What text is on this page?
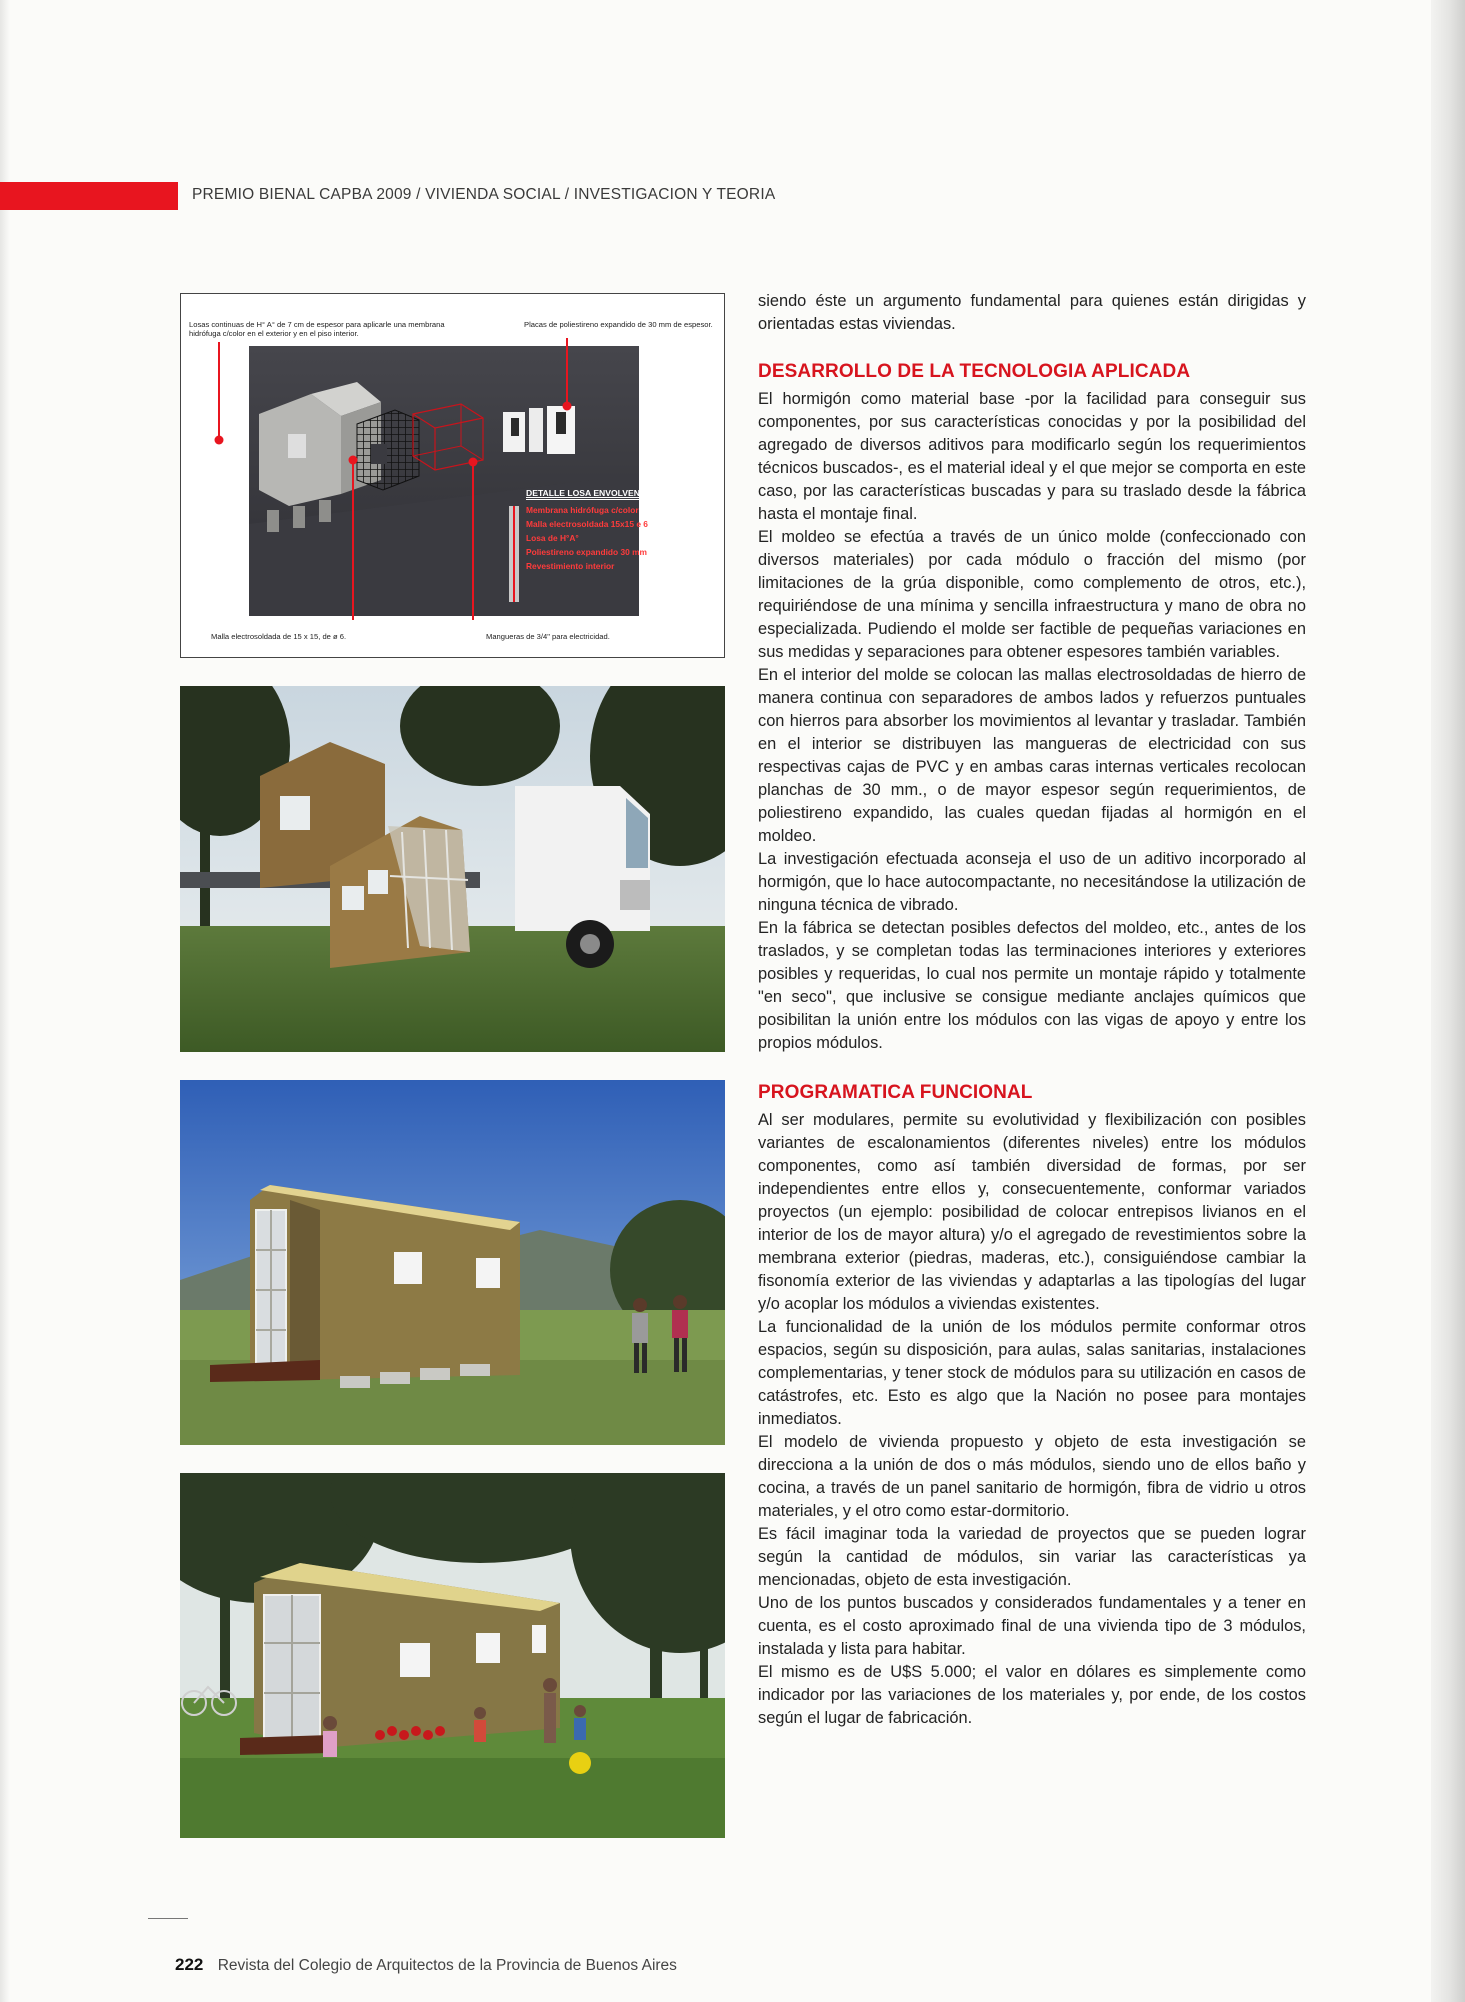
PREMIO BIENAL CAPBA 2009 / VIVIENDA SOCIAL / INVESTIGACION Y TEORIA

Losas continuas de H° A° de 7 cm de espesor para aplicarle una membrana hidrófuga c/color en el exterior y en el piso interior.

Placas de poliestireno expandido de 30 mm de espesor.

DETALLE LOSA ENVOLVENTE
Membrana hidrófuga c/color
Malla electrosoldada 15x15 e 6
Losa de H°A°
Poliestireno expandido 30 mm
Revestimiento interior

Malla electrosoldada de 15 x 15, de ø 6.	Mangueras de 3/4" para electricidad.

siendo éste un argumento fundamental para quienes están dirigidas y orientadas estas viviendas.

DESARROLLO DE LA TECNOLOGIA APLICADA

El hormigón como material base -por la facilidad para conseguir sus componentes, por sus características conocidas y por la posibilidad del agregado de diversos aditivos para modificarlo según los requerimientos técnicos buscados-, es el material ideal y el que mejor se comporta en este caso, por las características buscadas y para su traslado desde la fábrica hasta el montaje final.

El moldeo se efectúa a través de un único molde (confeccionado con diversos materiales) por cada módulo o fracción del mismo (por limitaciones de la grúa disponible, como complemento de otros, etc.), requiriéndose de una mínima y sencilla infraestructura y mano de obra no especializada. Pudiendo el molde ser factible de pequeñas variaciones en sus medidas y separaciones para obtener espesores también variables.

En el interior del molde se colocan las mallas electrosoldadas de hierro de manera continua con separadores de ambos lados y refuerzos puntuales con hierros para absorber los movimientos al levantar y trasladar. También en el interior se distribuyen las mangueras de electricidad con sus respectivas cajas de PVC y en ambas caras internas verticales recolocan planchas de 30 mm., o de mayor espesor según requerimientos, de poliestireno expandido, las cuales quedan fijadas al hormigón en el moldeo.

La investigación efectuada aconseja el uso de un aditivo incorporado al hormigón, que lo hace autocompactante, no necesitándose la utilización de ninguna técnica de vibrado.

En la fábrica se detectan posibles defectos del moldeo, etc., antes de los traslados, y se completan todas las terminaciones interiores y exteriores posibles y requeridas, lo cual nos permite un montaje rápido y totalmente "en seco", que inclusive se consigue mediante anclajes químicos que posibilitan la unión entre los módulos con las vigas de apoyo y entre los propios módulos.

PROGRAMATICA FUNCIONAL

Al ser modulares, permite su evolutividad y flexibilización con posibles variantes de escalonamientos (diferentes niveles) entre los módulos componentes, como así también diversidad de formas, por ser independientes entre ellos y, consecuentemente, conformar variados proyectos (un ejemplo: posibilidad de colocar entrepisos livianos en el interior de los de mayor altura) y/o el agregado de revestimientos sobre la membrana exterior (piedras, maderas, etc.), consiguiéndose cambiar la fisonomía exterior de las viviendas y adaptarlas a las tipologías del lugar y/o acoplar los módulos a viviendas existentes.

La funcionalidad de la unión de los módulos permite conformar otros espacios, según su disposición, para aulas, salas sanitarias, instalaciones complementarias, y tener stock de módulos para su utilización en casos de catástrofes, etc. Esto es algo que la Nación no posee para montajes inmediatos.

El modelo de vivienda propuesto y objeto de esta investigación se direcciona a la unión de dos o más módulos, siendo uno de ellos baño y cocina, a través de un panel sanitario de hormigón, fibra de vidrio u otros materiales, y el otro como estar-dormitorio.

Es fácil imaginar toda la variedad de proyectos que se pueden lograr según la cantidad de módulos, sin variar las características ya mencionadas, objeto de esta investigación.

Uno de los puntos buscados y considerados fundamentales y a tener en cuenta, es el costo aproximado final de una vivienda tipo de 3 módulos, instalada y lista para habitar.

El mismo es de U$S 5.000; el valor en dólares es simplemente como indicador por las variaciones de los materiales y, por ende, de los costos según el lugar de fabricación.

222 Revista del Colegio de Arquitectos de la Provincia de Buenos Aires
